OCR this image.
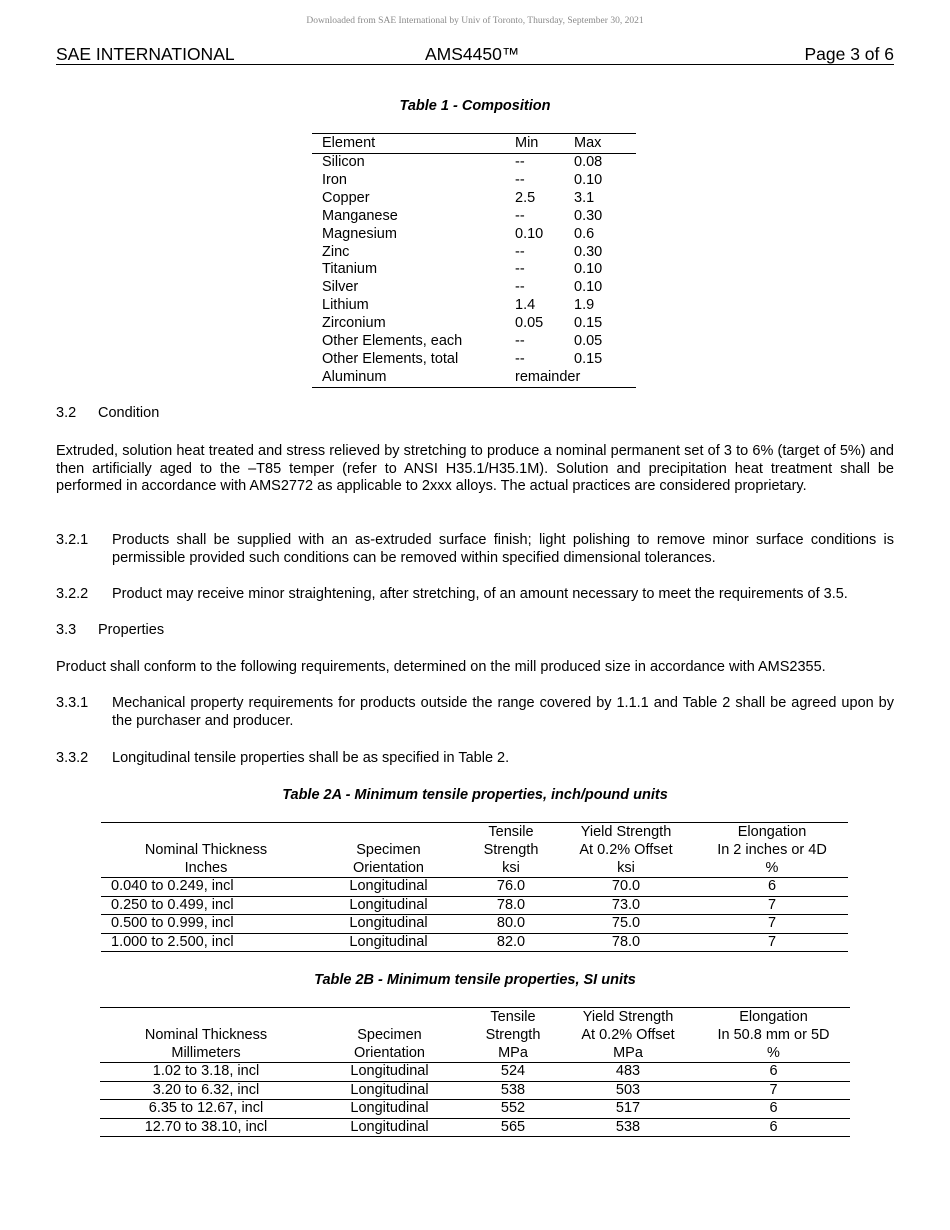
Downloaded from SAE International by Univ of Toronto, Thursday, September 30, 2021
SAE INTERNATIONAL	AMS4450™	Page 3 of 6
Table 1 - Composition
Element	Min	Max
Silicon	--	0.08
Iron	--	0.10
Copper	2.5	3.1
Manganese	--	0.30
Magnesium	0.10	0.6
Zinc	--	0.30
Titanium	--	0.10
Silver	--	0.10
Lithium	1.4	1.9
Zirconium	0.05	0.15
Other Elements, each	--	0.05
Other Elements, total	--	0.15
Aluminum	remainder	
3.2 Condition
Extruded, solution heat treated and stress relieved by stretching to produce a nominal permanent set of 3 to 6% (target of 5%) and then artificially aged to the –T85 temper (refer to ANSI H35.1/H35.1M). Solution and precipitation heat treatment shall be performed in accordance with AMS2772 as applicable to 2xxx alloys. The actual practices are considered proprietary.
3.2.1	Products shall be supplied with an as-extruded surface finish; light polishing to remove minor surface conditions is permissible provided such conditions can be removed within specified dimensional tolerances.
3.2.2	Product may receive minor straightening, after stretching, of an amount necessary to meet the requirements of 3.5.
3.3 Properties
Product shall conform to the following requirements, determined on the mill produced size in accordance with AMS2355.
3.3.1	Mechanical property requirements for products outside the range covered by 1.1.1 and Table 2 shall be agreed upon by the purchaser and producer.
3.3.2	Longitudinal tensile properties shall be as specified in Table 2.
Table 2A - Minimum tensile properties, inch/pound units
		Tensile	Yield Strength	Elongation
Nominal Thickness	Specimen	Strength	At 0.2% Offset	In 2 inches or 4D
Inches	Orientation	ksi	ksi	%
0.040 to 0.249, incl	Longitudinal	76.0	70.0	6
0.250 to 0.499, incl	Longitudinal	78.0	73.0	7
0.500 to 0.999, incl	Longitudinal	80.0	75.0	7
1.000 to 2.500, incl	Longitudinal	82.0	78.0	7
Table 2B - Minimum tensile properties, SI units
		Tensile	Yield Strength	Elongation
Nominal Thickness	Specimen	Strength	At 0.2% Offset	In 50.8 mm or 5D
Millimeters	Orientation	MPa	MPa	%
1.02 to 3.18, incl	Longitudinal	524	483	6
3.20 to 6.32, incl	Longitudinal	538	503	7
6.35 to 12.67, incl	Longitudinal	552	517	6
12.70 to 38.10, incl	Longitudinal	565	538	6
